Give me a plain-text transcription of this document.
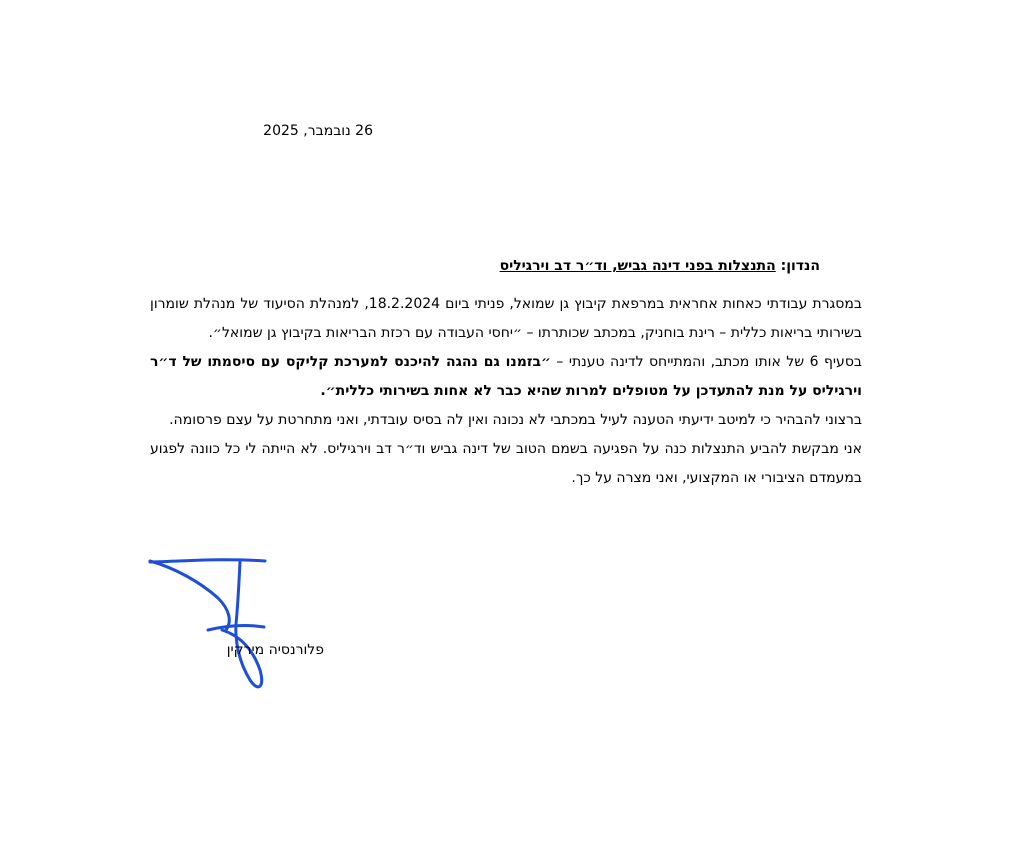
26 נובמבר, 2025
הנדון: התנצלות בפני דינה גביש, וד״ר דב וירגיליס

במסגרת עבודתי כאחות אחראית במרפאת קיבוץ גן שמואל, פניתי ביום 18.2.2024, למנהלת הסיעוד של מנהלת שומרון בשירותי בריאות כללית – רינת בוחניק, במכתב שכותרתו – ״יחסי העבודה עם רכזת הבריאות בקיבוץ גן שמואל״.

בסעיף 6 של אותו מכתב, והמתייחס לדינה טענתי – ״בזמנו גם נהגה להיכנס למערכת קליקס עם סיסמתו של ד״ר וירגיליס על מנת להתעדכן על מטופלים למרות שהיא כבר לא אחות בשירותי כללית״.

ברצוני להבהיר כי למיטב ידיעתי הטענה לעיל במכתבי לא נכונה ואין לה בסיס עובדתי, ואני מתחרטת על עצם פרסומה.

אני מבקשת להביע התנצלות כנה על הפגיעה בשמם הטוב של דינה גביש וד״ר דב וירגיליס. לא הייתה לי כל כוונה לפגוע במעמדם הציבורי או המקצועי, ואני מצרה על כך.

פלורנסיה מירקין
